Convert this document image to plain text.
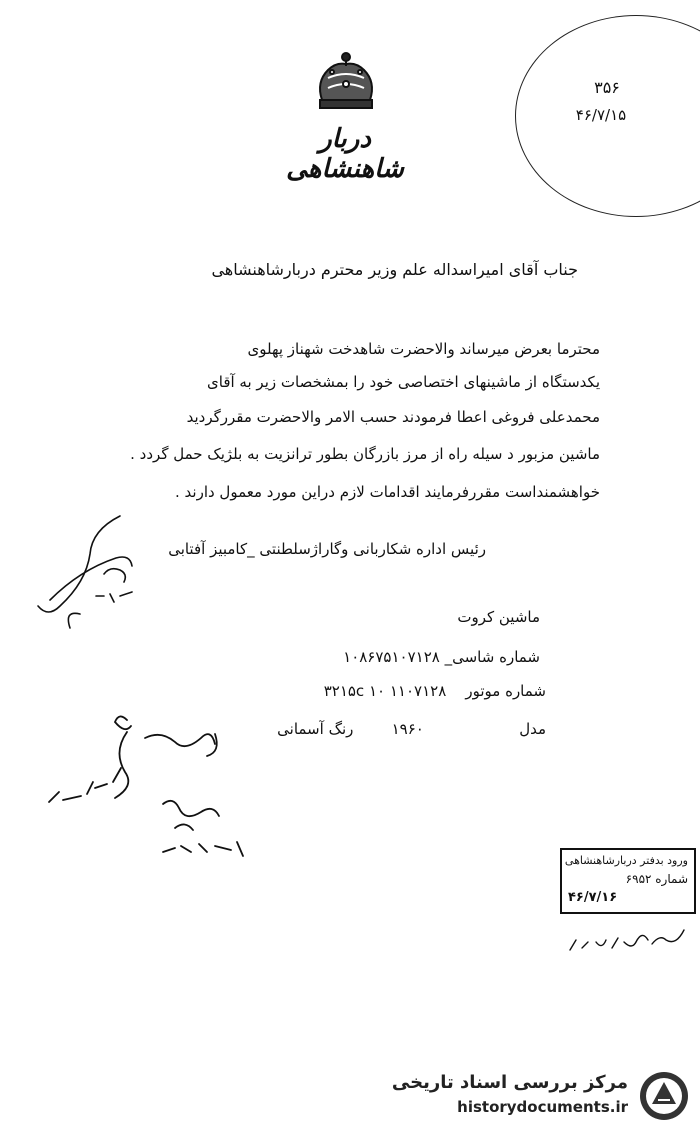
دربار شاهنشاهی
۳۵۶
۴۶/۷/۱۵
جناب آقای امیراسداله علم وزیر محترم دربارشاهنشاهی
محترما بعرض میرساند والاحضرت شاهدخت شهناز پهلوی
یکدستگاه از ماشینهای اختصاصی خود را بمشخصات زیر به آقای
محمدعلی فروغی اعطا فرمودند حسب الامر والاحضرت مقررگردید
ماشین مزبور د سیله راه از مرز بازرگان بطور ترانزیت به بلژیک حمل گردد .
خواهشمنداست مقررفرمایند اقدامات لازم دراین مورد معمول دارند .
رئیس اداره شکاربانی وگاراژسلطنتی _کامبیز آفتابی
ماشین کروت
شماره شاسی_ ۱۰۸۶۷۵۱۰۷۱۲۸
شماره موتور    ۱۱۰۷۱۲۸ ۱۰ ۳۲۱۵c
مدل                    ۱۹۶۰        رنگ آسمانی
ورود بدفتر دربارشاهنشاهی
شماره ۶۹۵۲
۴۶/۷/۱۶
مرکز بررسی اسناد تاریخی
historydocuments.ir
